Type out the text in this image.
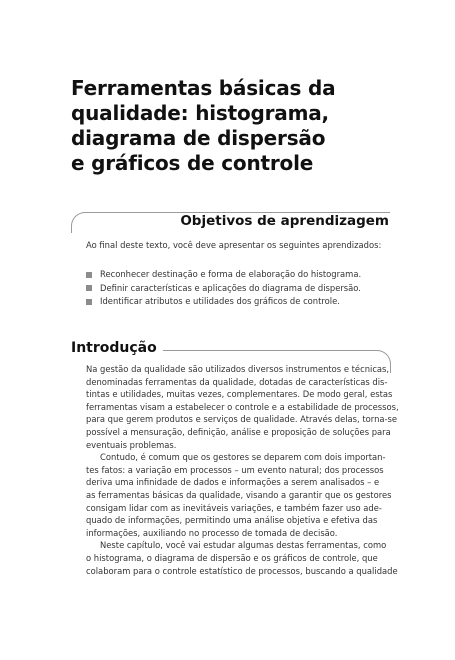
Ferramentas básicas da
qualidade: histograma,
diagrama de dispersão
e gráficos de controle
Objetivos de aprendizagem
Ao final deste texto, você deve apresentar os seguintes aprendizados:
Reconhecer destinação e forma de elaboração do histograma.
Definir características e aplicações do diagrama de dispersão.
Identificar atributos e utilidades dos gráficos de controle.
Introdução
Na gestão da qualidade são utilizados diversos instrumentos e técnicas,
denominadas ferramentas da qualidade, dotadas de características dis-
tintas e utilidades, muitas vezes, complementares. De modo geral, estas
ferramentas visam a estabelecer o controle e a estabilidade de processos,
para que gerem produtos e serviços de qualidade. Através delas, torna-se
possível a mensuração, definição, análise e proposição de soluções para
eventuais problemas.
Contudo, é comum que os gestores se deparem com dois importan-
tes fatos: a variação em processos – um evento natural; dos processos
deriva uma infinidade de dados e informações a serem analisados – e
as ferramentas básicas da qualidade, visando a garantir que os gestores
consigam lidar com as inevitáveis variações, e também fazer uso ade-
quado de informações, permitindo uma análise objetiva e efetiva das
informações, auxiliando no processo de tomada de decisão.
Neste capítulo, você vai estudar algumas destas ferramentas, como
o histograma, o diagrama de dispersão e os gráficos de controle, que
colaboram para o controle estatístico de processos, buscando a qualidade
